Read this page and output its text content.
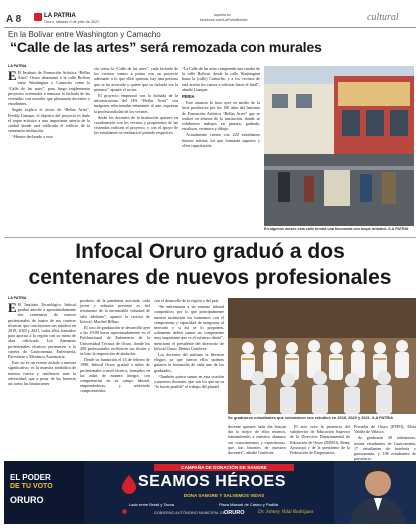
A 8	LA PATRIA
Oruro, sábado 9 de julio de 2022
lapatria.bo
facebook.com/LaPatriaBolivia	cultural
En la Bolívar entre Washington y Camacho
“Calle de las artes” será remozada con murales
LA PATRIA

E El Instituto de Formación Artística “Bellas Artes” Oruro denominó a la calle Bolívar entre Washington y Camacho como la “Calle de las artes”, para luego implementar proyectos orientados a remozar la fachada de las viviendas con murales que plasmarán docentes y estudiantes.

Según explicó el rector de “Bellas Artes”, Freddy Llanque, el objetivo del proyecto es darle el toque artístico a una importante arteria de la ciudad donde está edificado el edificio de la centenaria institución.

“Hemos declarado a esta

vía como la “Calle de las artes”, cada fachada de los vecinos vamos a pintar con un proyecto adecuado a lo que ellos quieran, hay una persona que se ha acercado y quiere que su fachada sea la primera”, apuntó el rector.

El proyecto empezará con la fachada de la infraestructura del IFA “Bellas Artes” con imágenes relacionadas netamente al arte, expresan la profesionalidad de los vecinos.

Serán los docentes de la institución quienes en coordinación con los vecinos y propietarios de las viviendas realicen el proyecto, y con el apoyo de los estudiantes se realizará el pintado respectivo.

“La Calle de las artes comprende una cuadra de la calle Bolívar, desde la calle Washington hasta la (calle) Camacho, y a los vecinos de esta arteria les vamos a solicitar hacer el final”, añadió Llanque.

FERIA

Este anuncio lo hizo ayer en medio de la feria productiva por los 100 años del Instituto de Formación Artística “Bellas Artes” que se realizó en afueras de la institución, donde se exhibieron trabajos en pintura, grabado, escultura, cerámica y dibujo.

Actualmente cuenta con 220 estudiantes futuros artistas, los que formarán superior y el/en capacitación.

En algunos meses esta calle tendrá una fisonomía con toque artístico. /LA PATRIA
Infocal Oruro graduó a dos
centenares de nuevos profesionales
LA PATRIA

E El Instituto Tecnológico Infocal graduó anoche a aproximadamente dos centenares de nuevos profesionales de cuatro de sus carreras técnicas, que concluyeron sus estudios en 2019, 2020 y 2021, todos ellos formados para aportar a la región con su mano de obra calificada. Los flamantes profesionales técnicos pertenecen a la carrera de Gastronomía, Enfermería, Parvulario y Mecánica Automotriz.

Esto no es un evento aislado a nuestra significativo, es la muestra simbólica de nuestra fuerza y resiliencia ante la adversidad, que a pesar de las barreras así como las limitaciones

producto de la pandemia asociada, cada joven y señorita presente es fiel testimonio de la encomiable voluntad de salir adelante”, apuntó la rectora de Infocal, Maribel Bilbao.

El acto de graduación se desarrolló ayer a las 19:00 horas aproximadamente en el Polifuncional de Enfermería de la Universidad Técnica de Oruro, donde los 200 profesionales recibieron sus títulos y se hizo la imposición de símbolos.

Desde su fundación el 14 de febrero de 1996, Infocal Oruro graduó a miles de profesionales a nivel técnico, formados en las aulas de manera íntegra, con competencias en su campo laboral, emprendedores, y sobretodo comprometidos

con el desarrollo de la región y del país.

“Se enfrentaron a un entorno laboral competitivo, por lo que principalmente nuestra institución los formamos con el compromiso y capacidad de integrarse al mercado y si así se lo proponen, solamente deben sumar un componente muy importante que es el esfuerzo diario”, mencionó el presidente del directorio de Infocal Oruro, Dennis Gutiérrez.

Los docentes del instituto se llevaron elogios ya que fueron ellos quienes guiaron la formación de cada uno de los graduados.

“También quiero sumar en esta ocasión a nuestros docentes, que son los que en su “lo hacen posible” el trabajo del plantel

Se graduaron estudiantes que culminaron sus estudios en 2019, 2020 y 2021. /LA PATRIA

docente quienes cada día buscan dar lo mejor de ellos mismos, transmitiendo a nuestros alumnos sus conocimientos y experiencias, que son bisontes de nuestros docentes”, añadió Gutiérrez.

El acto tuvo la presencia del subdirector de Educación Superior de la Dirección Departamental de Educación de Oruro (DDEO), Remy Ayoaxqui y de la presidente de la Federación de Empresarios

Privados de Oruro (FEPO), Elvia Valdéz de Velasco.

Se graduaron 29 enfermeras, treinta estudiantes de Gastronomía, 17 estudiantes de hotelería y gastronomía, y 106 estudiantes de parvulario.

EL PODER
DE TU VOTO
ORURO
CAMPAÑA DE DONACIÓN DE SANGRE
SEAMOS HÉROES
DONA SANGRE Y SALVEMOS VIDAS
Lado entre Brasil y Tacna	Plaza Manuel de Castro y Padilla
GOBIERNO AUTÓNOMO MUNICIPAL DE
ORURO	Dr. Johnny Vidal Rodríguez
